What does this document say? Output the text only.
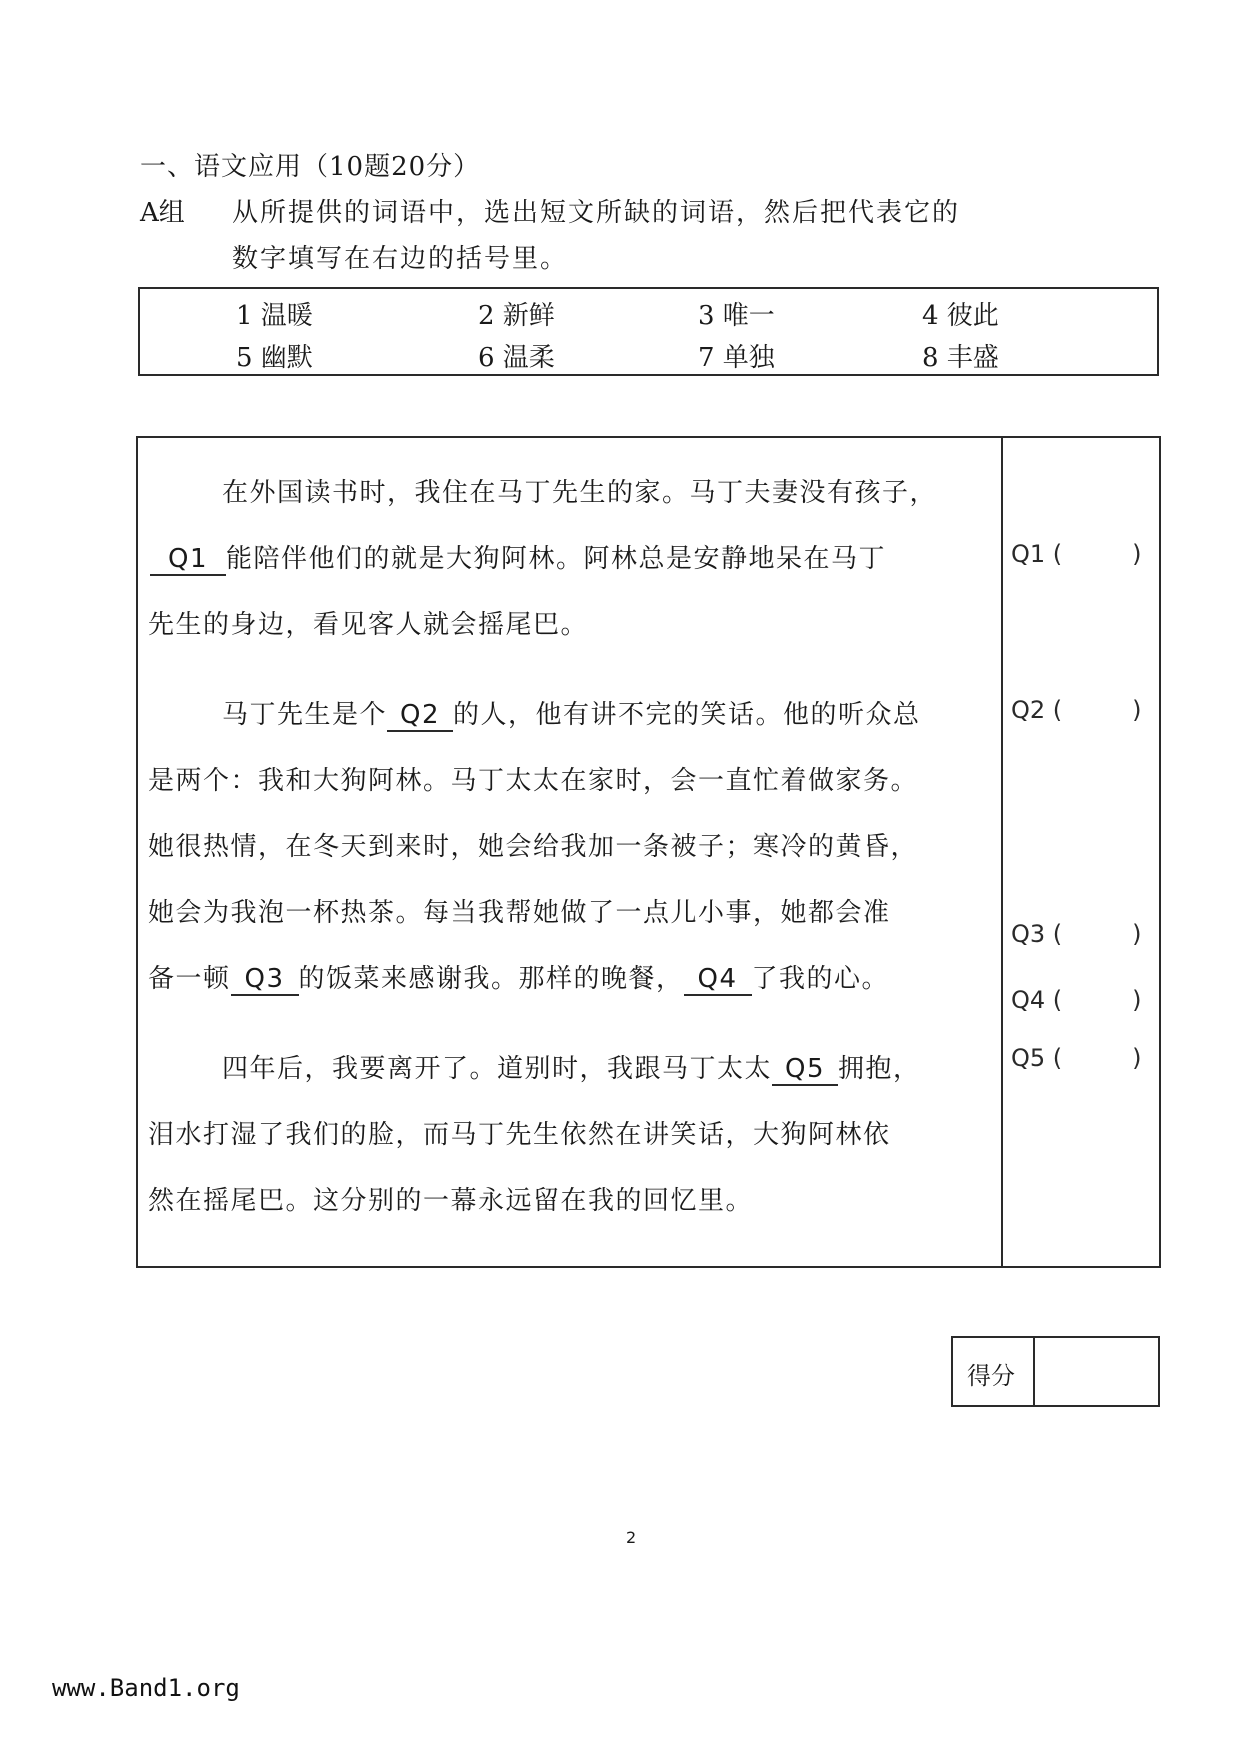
一、语文应用（10题20分）
A组 从所提供的词语中，选出短文所缺的词语，然后把代表它的
数字填写在右边的括号里。
1 温暖	2 新鲜	3 唯一	4 彼此
5 幽默	6 温柔	7 单独	8 丰盛
在外国读书时，我住在马丁先生的家。马丁夫妻没有孩子，
Q1 能陪伴他们的就是大狗阿林。阿林总是安静地呆在马丁
先生的身边，看见客人就会摇尾巴。
马丁先生是个 Q2 的人，他有讲不完的笑话。他的听众总
是两个：我和大狗阿林。马丁太太在家时，会一直忙着做家务。
她很热情，在冬天到来时，她会给我加一条被子；寒冷的黄昏，
她会为我泡一杯热茶。每当我帮她做了一点儿小事，她都会准
备一顿 Q3 的饭菜来感谢我。那样的晚餐， Q4 了我的心。
四年后，我要离开了。道别时，我跟马丁太太 Q5 拥抱，
泪水打湿了我们的脸，而马丁先生依然在讲笑话，大狗阿林依
然在摇尾巴。这分别的一幕永远留在我的回忆里。
Q1 (	)
Q2 (	)
Q3 (	)
Q4 (	)
Q5 (	)
得分
2
www.Band1.org
